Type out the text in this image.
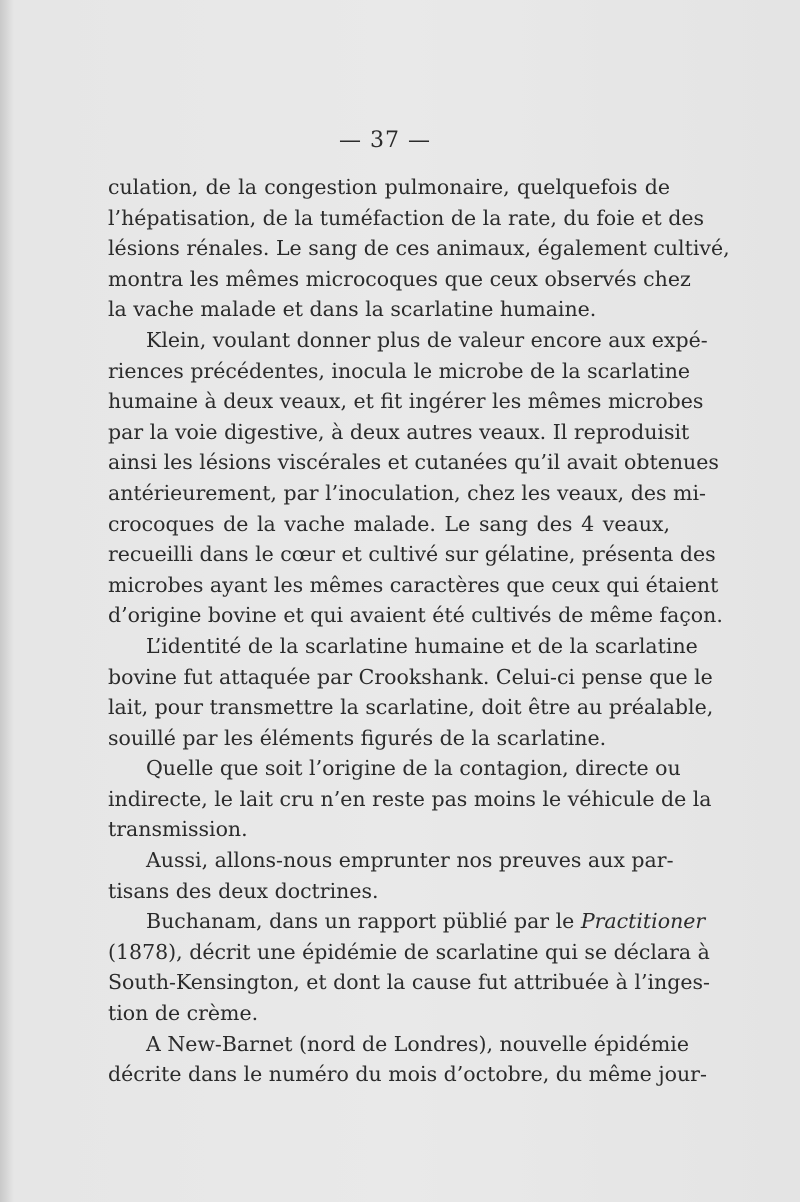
— 37 —
culation, de la congestion pulmonaire, quelquefois de
l’hépatisation, de la tuméfaction de la rate, du foie et des
lésions rénales. Le sang de ces animaux, également cultivé,
montra les mêmes microcoques que ceux observés chez
la vache malade et dans la scarlatine humaine.
Klein, voulant donner plus de valeur encore aux expé-
riences précédentes, inocula le microbe de la scarlatine
humaine à deux veaux, et fit ingérer les mêmes microbes
par la voie digestive, à deux autres veaux. Il reproduisit
ainsi les lésions viscérales et cutanées qu’il avait obtenues
antérieurement, par l’inoculation, chez les veaux, des mi-
crocoques de la vache malade. Le sang des 4 veaux,
recueilli dans le cœur et cultivé sur gélatine, présenta des
microbes ayant les mêmes caractères que ceux qui étaient
d’origine bovine et qui avaient été cultivés de même façon.
L’identité de la scarlatine humaine et de la scarlatine
bovine fut attaquée par Crookshank. Celui-ci pense que le
lait, pour transmettre la scarlatine, doit être au préalable,
souillé par les éléments figurés de la scarlatine.
Quelle que soit l’origine de la contagion, directe ou
indirecte, le lait cru n’en reste pas moins le véhicule de la
transmission.
Aussi, allons-nous emprunter nos preuves aux par-
tisans des deux doctrines.
Buchanam, dans un rapport püblié par le Practitioner
(1878), décrit une épidémie de scarlatine qui se déclara à
South-Kensington, et dont la cause fut attribuée à l’inges-
tion de crème.
A New-Barnet (nord de Londres), nouvelle épidémie
décrite dans le numéro du mois d’octobre, du même jour-
